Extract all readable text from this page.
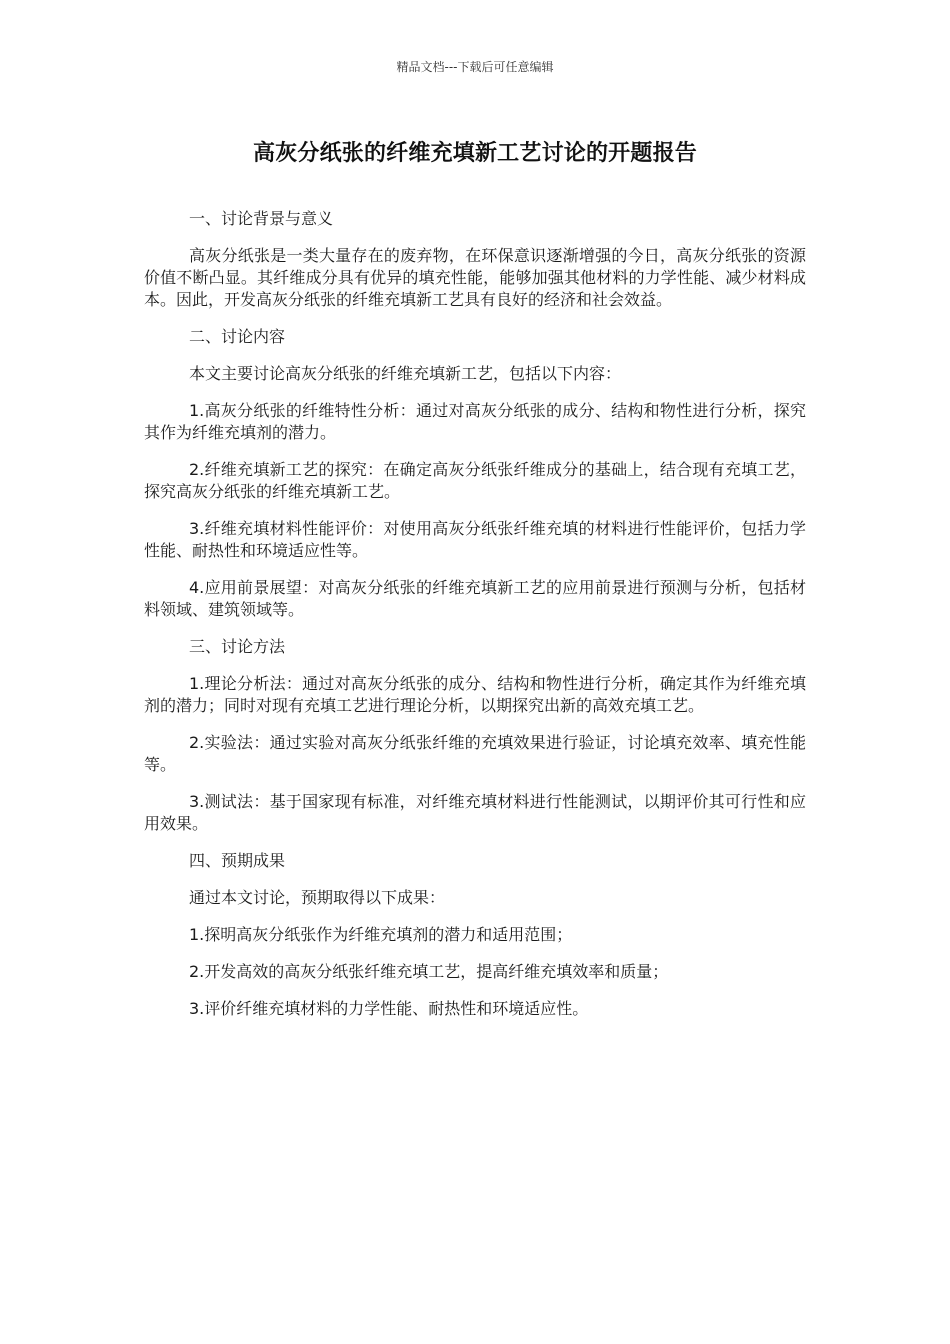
精品文档---下载后可任意编辑
高灰分纸张的纤维充填新工艺讨论的开题报告

一、讨论背景与意义

高灰分纸张是一类大量存在的废弃物，在环保意识逐渐增强的今日，高灰分纸张的资源价值不断凸显。其纤维成分具有优异的填充性能，能够加强其他材料的力学性能、减少材料成本。因此，开发高灰分纸张的纤维充填新工艺具有良好的经济和社会效益。

二、讨论内容

本文主要讨论高灰分纸张的纤维充填新工艺，包括以下内容：

1.高灰分纸张的纤维特性分析：通过对高灰分纸张的成分、结构和物性进行分析，探究其作为纤维充填剂的潜力。

2.纤维充填新工艺的探究：在确定高灰分纸张纤维成分的基础上，结合现有充填工艺，探究高灰分纸张的纤维充填新工艺。

3.纤维充填材料性能评价：对使用高灰分纸张纤维充填的材料进行性能评价，包括力学性能、耐热性和环境适应性等。

4.应用前景展望：对高灰分纸张的纤维充填新工艺的应用前景进行预测与分析，包括材料领域、建筑领域等。

三、讨论方法

1.理论分析法：通过对高灰分纸张的成分、结构和物性进行分析，确定其作为纤维充填剂的潜力；同时对现有充填工艺进行理论分析，以期探究出新的高效充填工艺。

2.实验法：通过实验对高灰分纸张纤维的充填效果进行验证，讨论填充效率、填充性能等。

3.测试法：基于国家现有标准，对纤维充填材料进行性能测试，以期评价其可行性和应用效果。

四、预期成果

通过本文讨论，预期取得以下成果：

1.探明高灰分纸张作为纤维充填剂的潜力和适用范围；

2.开发高效的高灰分纸张纤维充填工艺，提高纤维充填效率和质量；

3.评价纤维充填材料的力学性能、耐热性和环境适应性。
